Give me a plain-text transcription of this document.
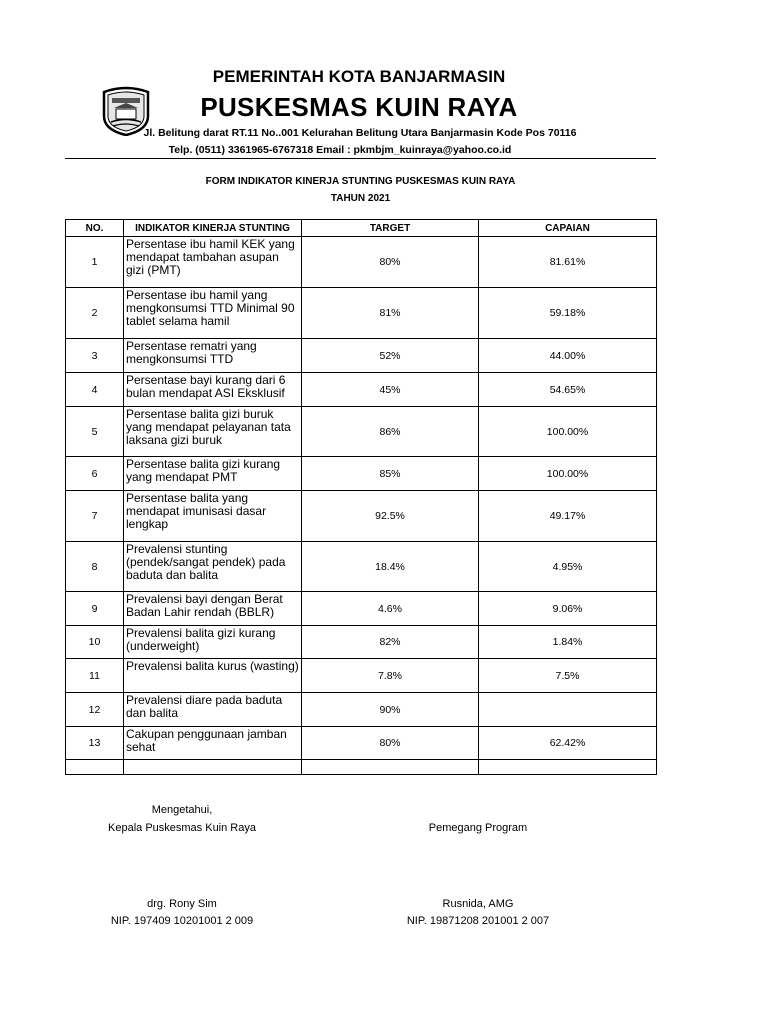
PEMERINTAH KOTA BANJARMASIN
PUSKESMAS KUIN RAYA
Jl. Belitung darat RT.11 No..001 Kelurahan Belitung Utara Banjarmasin Kode Pos 70116
Telp. (0511) 3361965-6767318 Email : pkmbjm_kuinraya@yahoo.co.id
FORM INDIKATOR KINERJA STUNTING PUSKESMAS KUIN RAYA
TAHUN 2021
NO.	INDIKATOR KINERJA STUNTING	TARGET	CAPAIAN
1	Persentase ibu hamil KEK yang mendapat tambahan asupan gizi (PMT)	80%	81.61%
2	Persentase ibu hamil yang mengkonsumsi TTD Minimal 90 tablet selama hamil	81%	59.18%
3	Persentase rematri yang mengkonsumsi TTD	52%	44.00%
4	Persentase bayi kurang dari 6 bulan mendapat ASI Eksklusif	45%	54.65%
5	Persentase balita gizi buruk yang mendapat pelayanan tata laksana gizi buruk	86%	100.00%
6	Persentase balita gizi kurang yang mendapat PMT	85%	100.00%
7	Persentase balita yang mendapat imunisasi dasar lengkap	92.5%	49.17%
8	Prevalensi stunting (pendek/sangat pendek) pada baduta dan balita	18.4%	4.95%
9	Prevalensi bayi dengan Berat Badan Lahir rendah (BBLR)	4.6%	9.06%
10	Prevalensi balita gizi kurang (underweight)	82%	1.84%
11	Prevalensi balita kurus (wasting)	7.8%	7.5%
12	Prevalensi diare pada baduta dan balita	90%	
13	Cakupan penggunaan jamban sehat	80%	62.42%

Mengetahui,
Kepala Puskesmas Kuin Raya
drg. Rony Sim
NIP. 197409 10201001 2 009
Pemegang Program
Rusnida, AMG
NIP. 19871208 201001 2 007
